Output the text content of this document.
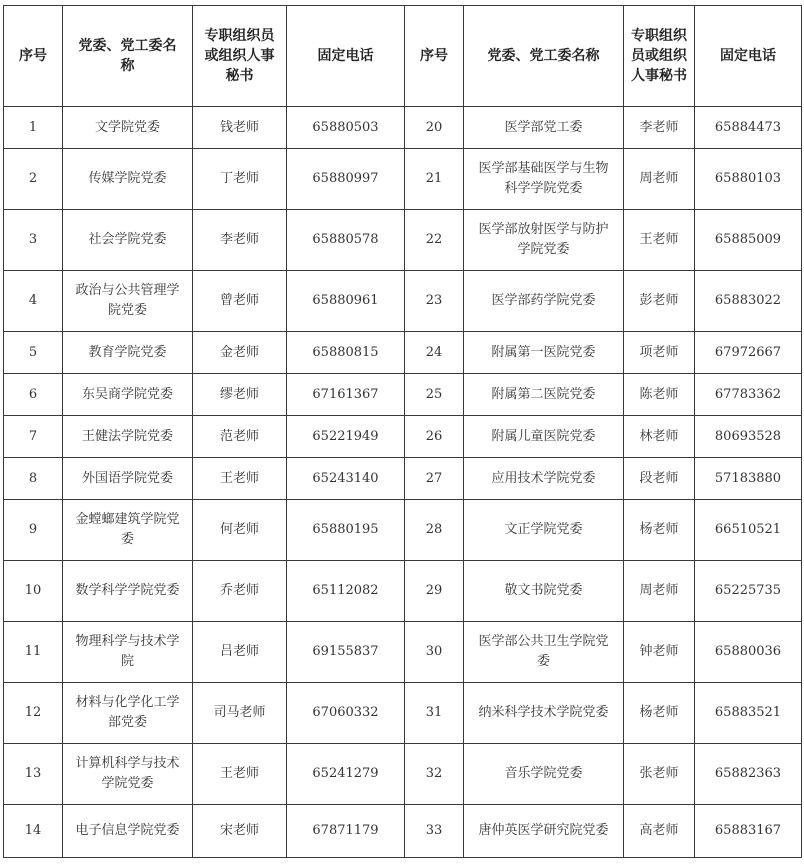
序号	党委、党工委名称	专职组织员或组织人事秘书	固定电话	序号	党委、党工委名称	专职组织员或组织人事秘书	固定电话
1	文学院党委	钱老师	65880503	20	医学部党工委	李老师	65884473
2	传媒学院党委	丁老师	65880997	21	医学部基础医学与生物科学学院党委	周老师	65880103
3	社会学院党委	李老师	65880578	22	医学部放射医学与防护学院党委	王老师	65885009
4	政治与公共管理学院党委	曾老师	65880961	23	医学部药学院党委	彭老师	65883022
5	教育学院党委	金老师	65880815	24	附属第一医院党委	项老师	67972667
6	东吴商学院党委	缪老师	67161367	25	附属第二医院党委	陈老师	67783362
7	王健法学院党委	范老师	65221949	26	附属儿童医院党委	林老师	80693528
8	外国语学院党委	王老师	65243140	27	应用技术学院党委	段老师	57183880
9	金螳螂建筑学院党委	何老师	65880195	28	文正学院党委	杨老师	66510521
10	数学科学学院党委	乔老师	65112082	29	敬文书院党委	周老师	65225735
11	物理科学与技术学院	吕老师	69155837	30	医学部公共卫生学院党委	钟老师	65880036
12	材料与化学化工学部党委	司马老师	67060332	31	纳米科学技术学院党委	杨老师	65883521
13	计算机科学与技术学院党委	王老师	65241279	32	音乐学院党委	张老师	65882363
14	电子信息学院党委	宋老师	67871179	33	唐仲英医学研究院党委	高老师	65883167
